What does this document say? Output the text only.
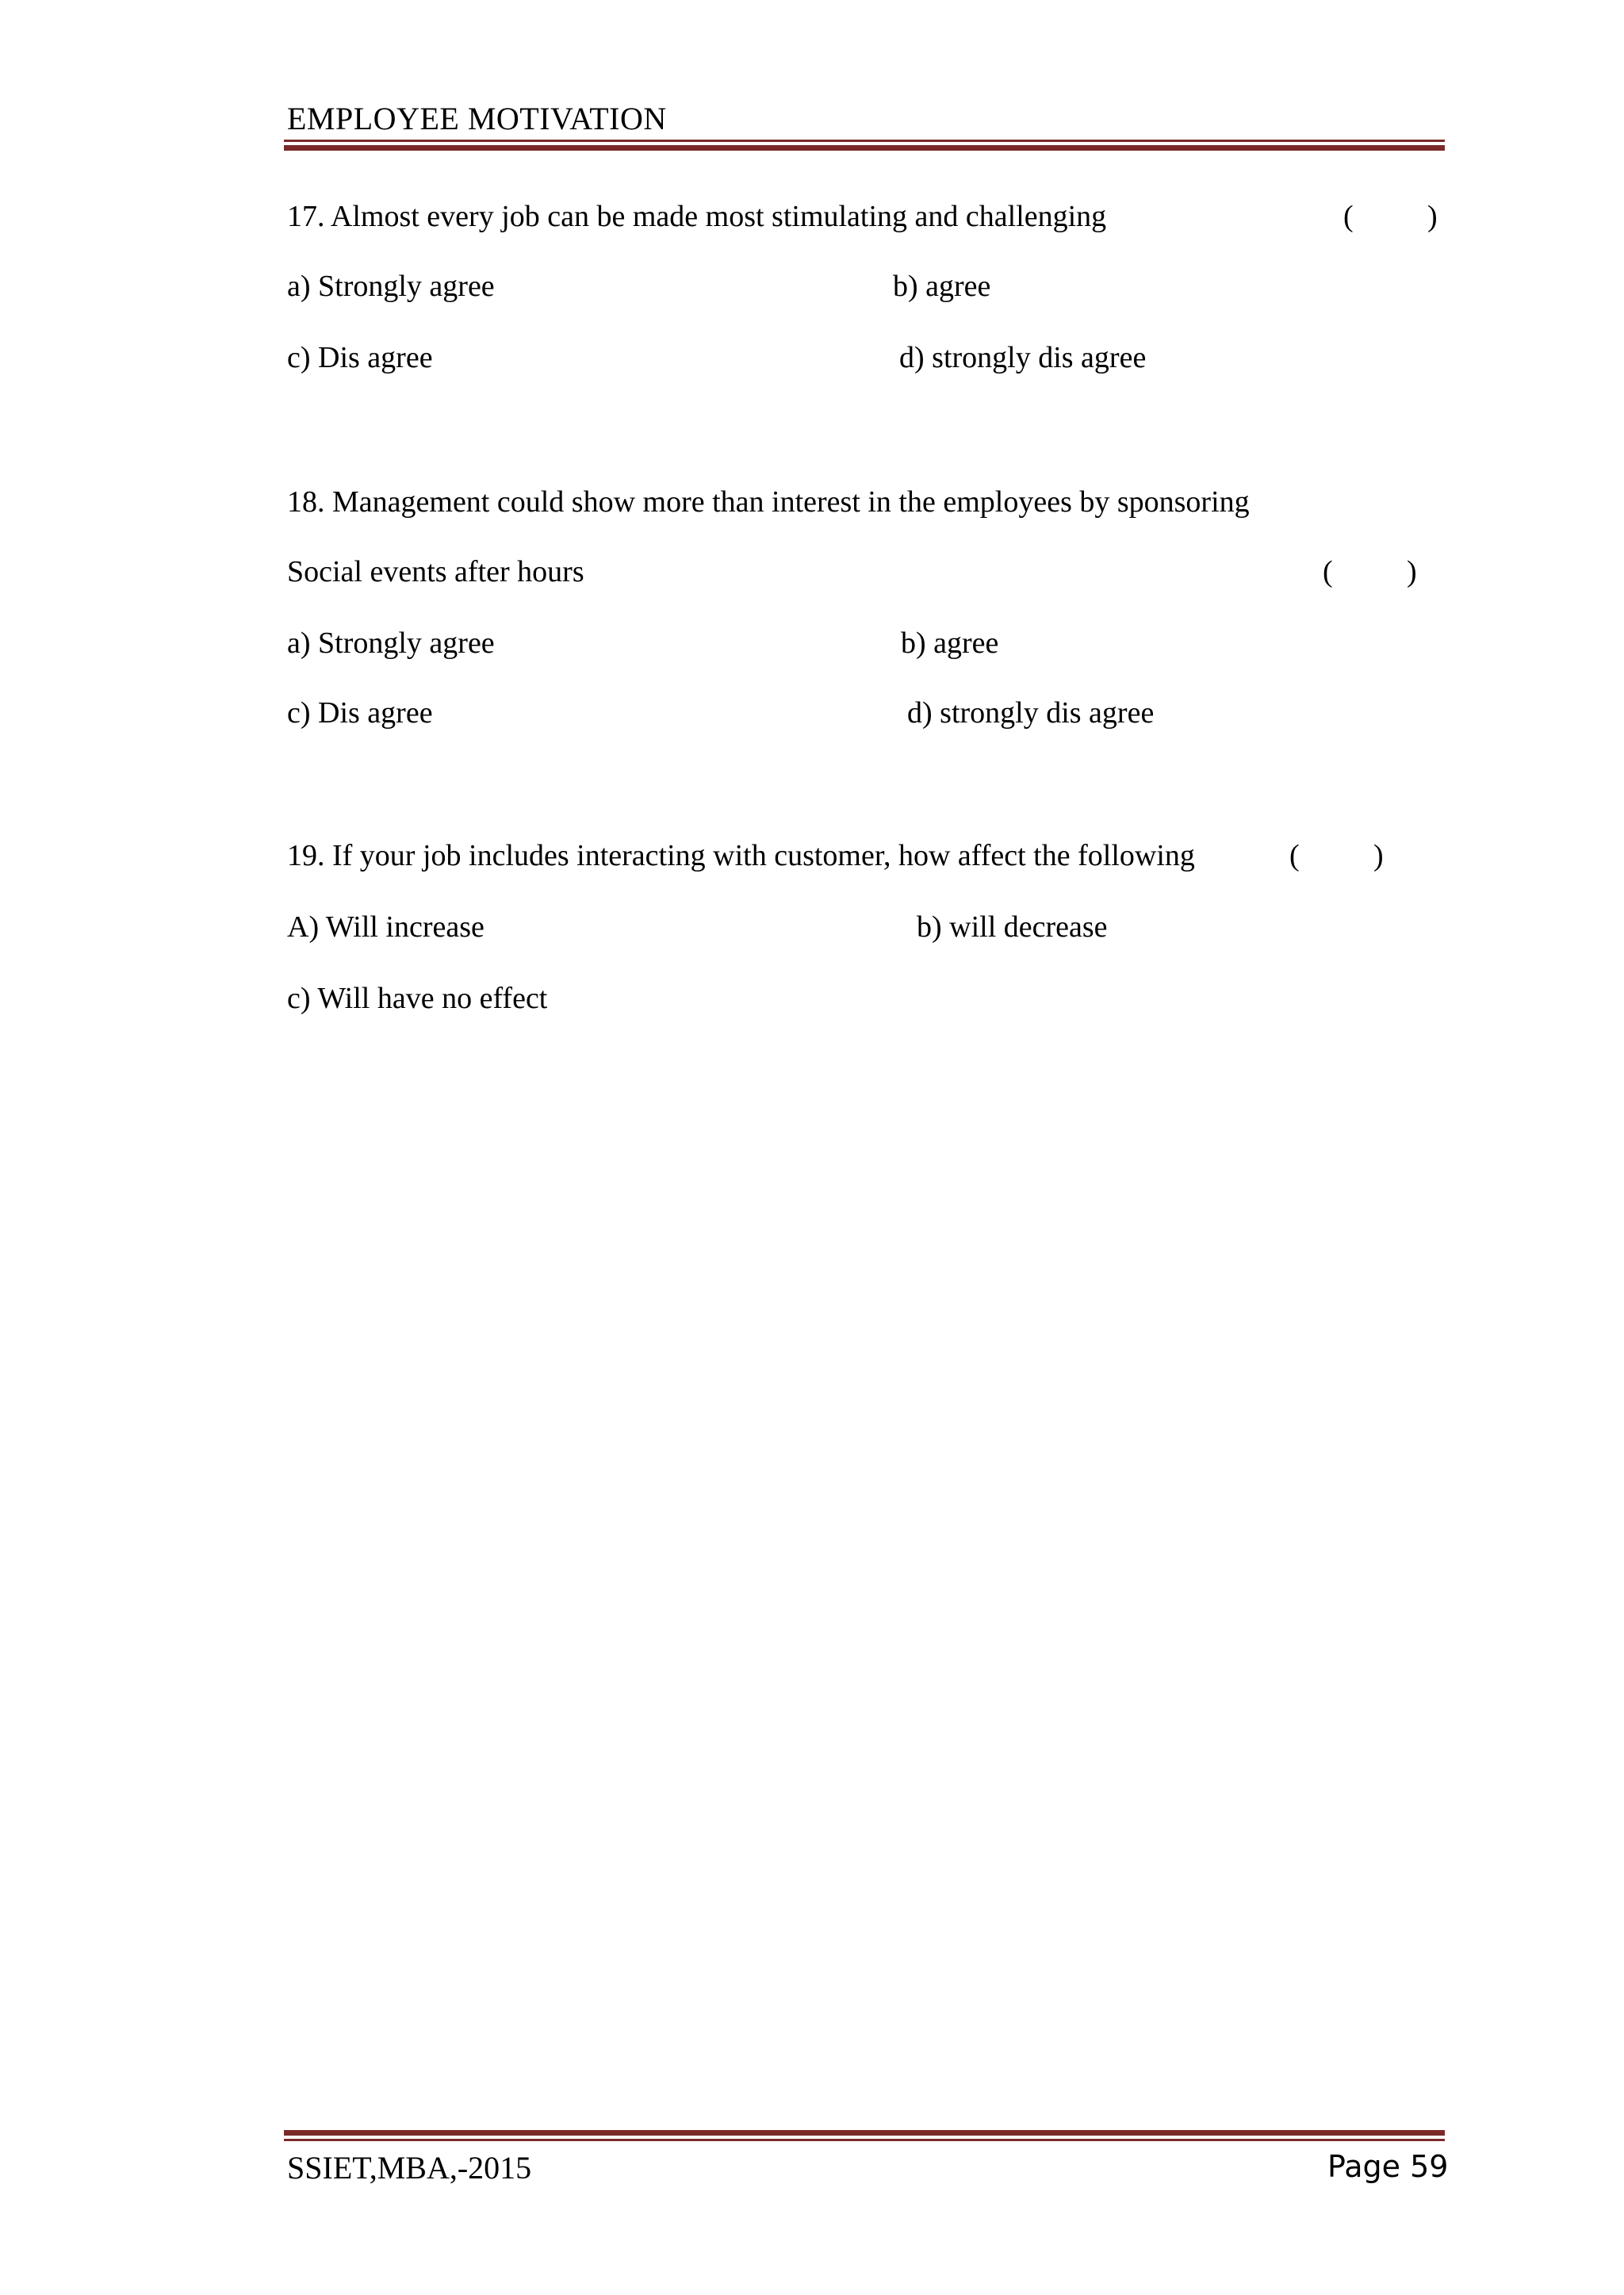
EMPLOYEE MOTIVATION
17. Almost every job can be made most stimulating and challenging	( )
a) Strongly agree	b) agree
c) Dis agree	d) strongly dis agree
18. Management could show more than interest in the employees by sponsoring
Social events after hours	( )
a) Strongly agree	b) agree
c) Dis agree	d) strongly dis agree
19. If your job includes interacting with customer, how affect the following	( )
A) Will increase	b) will decrease
c) Will have no effect
SSIET,MBA,-2015	Page 59
